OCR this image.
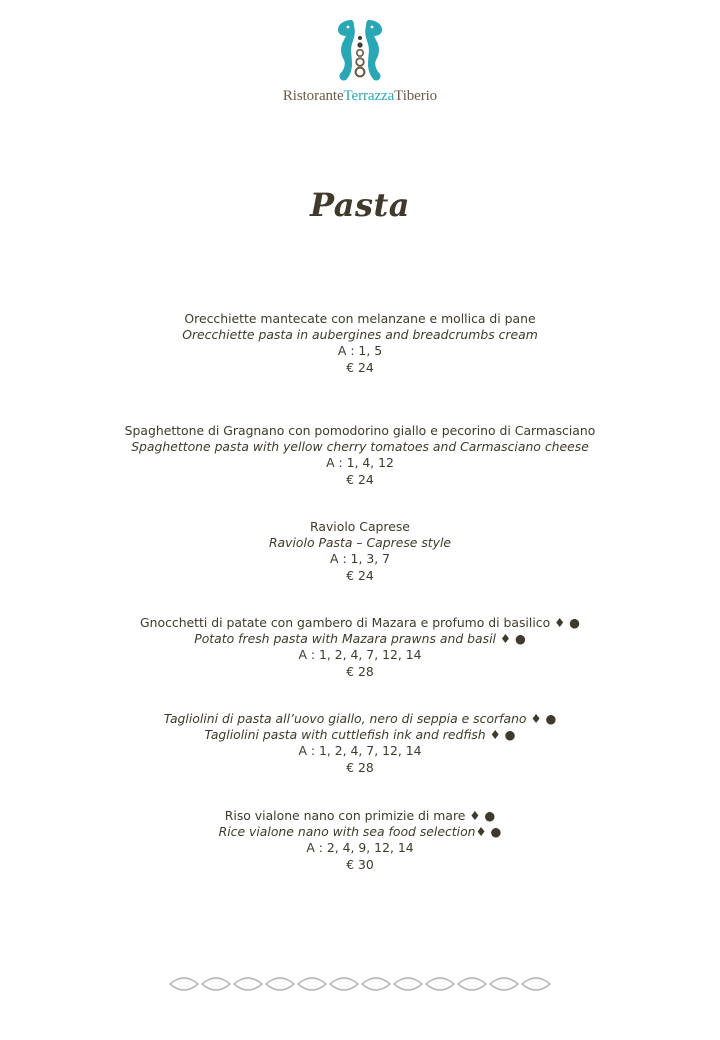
RistoranteTerrazzaTiberio
Pasta
Orecchiette mantecate con melanzane e mollica di pane
Orecchiette pasta in aubergines and breadcrumbs cream
A : 1, 5
€ 24
Spaghettone di Gragnano con pomodorino giallo e pecorino di Carmasciano
Spaghettone pasta with yellow cherry tomatoes and Carmasciano cheese
A : 1, 4, 12
€ 24
Raviolo Caprese
Raviolo Pasta – Caprese style
A : 1, 3, 7
€ 24
Gnocchetti di patate con gambero di Mazara e profumo di basilico ♦ ●
Potato fresh pasta with Mazara prawns and basil ♦ ●
A : 1, 2, 4, 7, 12, 14
€ 28
Tagliolini di pasta all’uovo giallo, nero di seppia e scorfano ♦ ●
Tagliolini pasta with cuttlefish ink and redfish ♦ ●
A : 1, 2, 4, 7, 12, 14
€ 28
Riso vialone nano con primizie di mare ♦ ●
Rice vialone nano with sea food selection♦ ●
A : 2, 4, 9, 12, 14
€ 30
